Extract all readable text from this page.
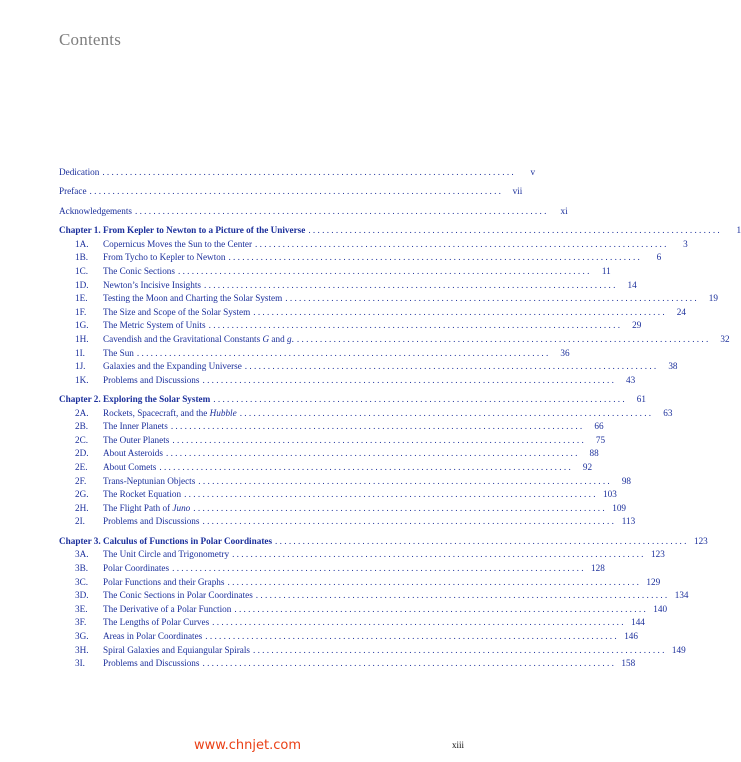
Contents
Dedication ..........................................................................................	v
Preface ..........................................................................................	vii
Acknowledgements ..........................................................................................	xi
Chapter 1. From Kepler to Newton to a Picture of the Universe ..........................................................................................	1
1A.	Copernicus Moves the Sun to the Center ..........................................................................................	3
1B.	From Tycho to Kepler to Newton ..........................................................................................	6
1C.	The Conic Sections ..........................................................................................	11
1D.	Newton’s Incisive Insights ..........................................................................................	14
1E.	Testing the Moon and Charting the Solar System ..........................................................................................	19
1F.	The Size and Scope of the Solar System ..........................................................................................	24
1G.	The Metric System of Units ..........................................................................................	29
1H.	Cavendish and the Gravitational Constants G and g. ..........................................................................................	32
1I.	The Sun ..........................................................................................	36
1J.	Galaxies and the Expanding Universe ..........................................................................................	38
1K.	Problems and Discussions ..........................................................................................	43
Chapter 2. Exploring the Solar System ..........................................................................................	61
2A.	Rockets, Spacecraft, and the Hubble ..........................................................................................	63
2B.	The Inner Planets ..........................................................................................	66
2C.	The Outer Planets ..........................................................................................	75
2D.	About Asteroids ..........................................................................................	88
2E.	About Comets ..........................................................................................	92
2F.	Trans-Neptunian Objects ..........................................................................................	98
2G.	The Rocket Equation .......................................................................................... 103
2H.	The Flight Path of Juno .......................................................................................... 109
2I.	Problems and Discussions .......................................................................................... 113
Chapter 3. Calculus of Functions in Polar Coordinates .......................................................................................... 123
3A.	The Unit Circle and Trigonometry .......................................................................................... 123
3B.	Polar Coordinates .......................................................................................... 128
3C.	Polar Functions and their Graphs .......................................................................................... 129
3D.	The Conic Sections in Polar Coordinates .......................................................................................... 134
3E.	The Derivative of a Polar Function .......................................................................................... 140
3F.	The Lengths of Polar Curves .......................................................................................... 144
3G.	Areas in Polar Coordinates .......................................................................................... 146
3H.	Spiral Galaxies and Equiangular Spirals .......................................................................................... 149
3I.	Problems and Discussions .......................................................................................... 158
www.chnjet.com	xiii
